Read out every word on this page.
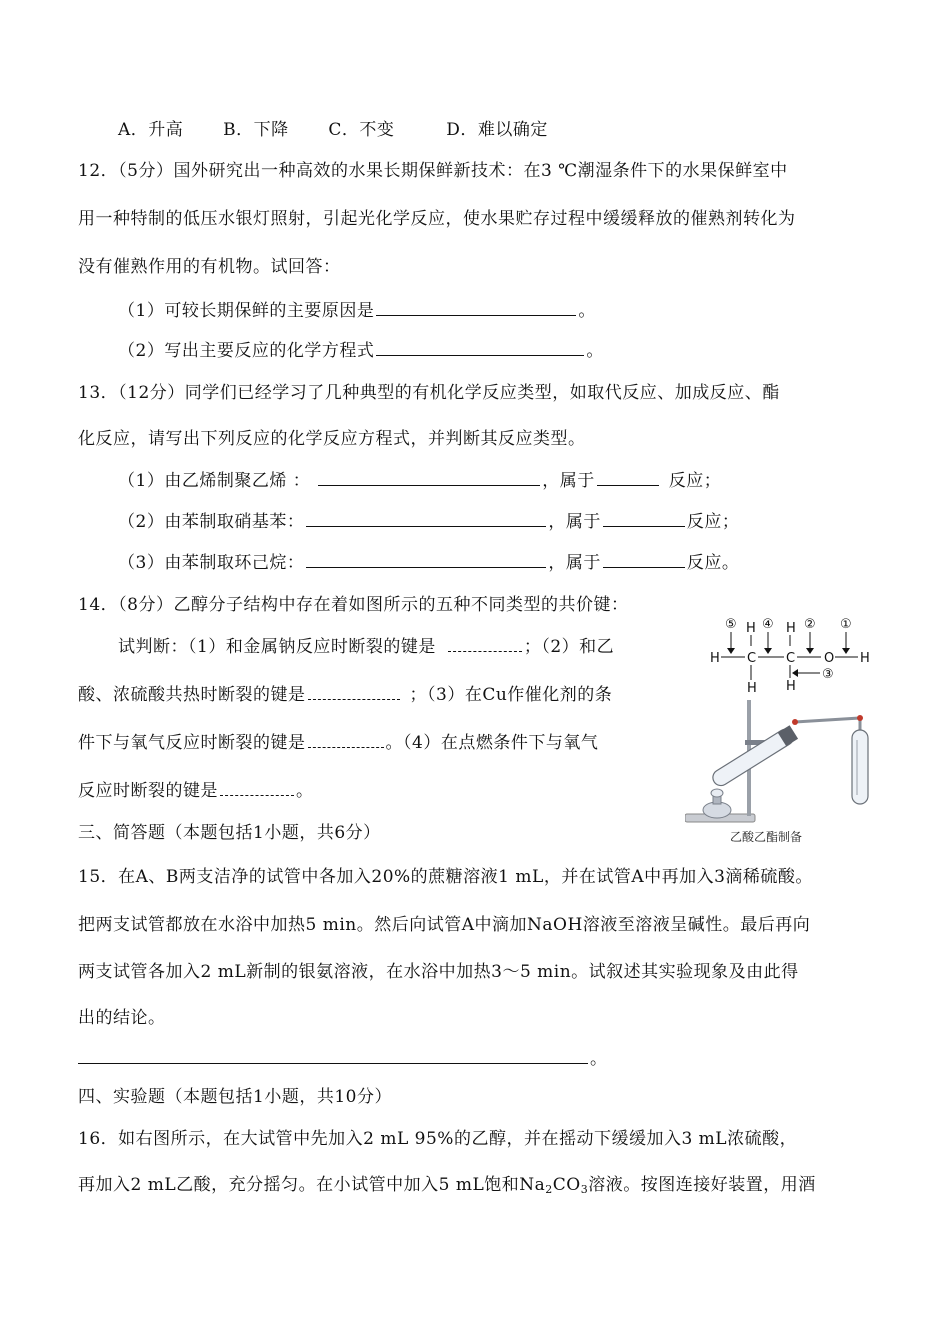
A．升高 B．下降 C．不变	D．难以确定
12．（5分）国外研究出一种高效的水果长期保鲜新技术：在3 ℃潮湿条件下的水果保鲜室中
用一种特制的低压水银灯照射，引起光化学反应，使水果贮存过程中缓缓释放的催熟剂转化为
没有催熟作用的有机物。试回答：
（1）可较长期保鲜的主要原因是	。
（2）写出主要反应的化学方程式	。
13．（12分）同学们已经学习了几种典型的有机化学反应类型，如取代反应、加成反应、酯
化反应，请写出下列反应的化学反应方程式，并判断其反应类型。
（1）由乙烯制聚乙烯 ：	，属于	反应；
（2）由苯制取硝基苯：	，属于	反应；
（3）由苯制取环己烷：	，属于	反应。
14．（8分）乙醇分子结构中存在着如图所示的五种不同类型的共价键：
试判断：（1）和金属钠反应时断裂的键是	；（2）和乙
酸、浓硫酸共热时断裂的键是	；（3）在Cu作催化剂的条
件下与氧气反应时断裂的键是	。（4）在点燃条件下与氧气
反应时断裂的键是	。
⑤ ④ ② ①
③
H H
H C C O H
H H
乙酸乙酯制备
三、简答题（本题包括1小题，共6分）
15．在A、B两支洁净的试管中各加入20%的蔗糖溶液1 mL，并在试管A中再加入3滴稀硫酸。
把两支试管都放在水浴中加热5 min。然后向试管A中滴加NaOH溶液至溶液呈碱性。最后再向
两支试管各加入2 mL新制的银氨溶液，在水浴中加热3～5 min。试叙述其实验现象及由此得
出的结论。
。
四、实验题（本题包括1小题，共10分）
16．如右图所示，在大试管中先加入2 mL 95%的乙醇，并在摇动下缓缓加入3 mL浓硫酸，
再加入2 mL乙酸，充分摇匀。在小试管中加入5 mL饱和$Na_2CO_3$溶液。按图连接好装置，用酒
